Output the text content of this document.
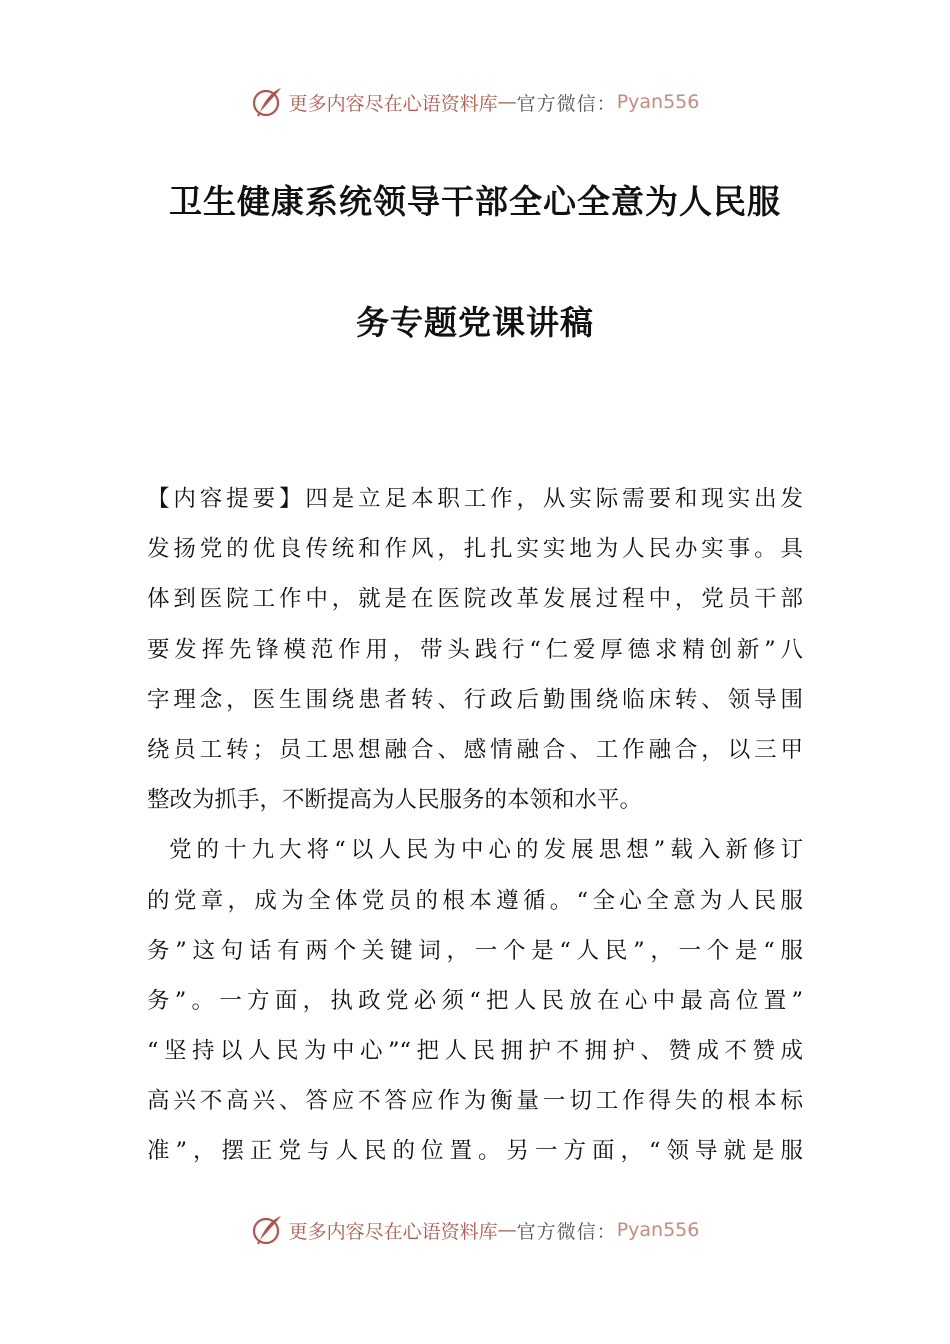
更多内容尽在心语资料库 — 官方微信： Pyan556
卫生健康系统领导干部全心全意为人民服
务专题党课讲稿
【内容提要】四是立足本职工作，从实际需要和现实出发
发扬党的优良传统和作风，扎扎实实地为人民办实事。具
体到医院工作中，就是在医院改革发展过程中，党员干部
要发挥先锋模范作用，带头践行“仁爱厚德求精创新”八
字理念，医生围绕患者转、行政后勤围绕临床转、领导围
绕员工转；员工思想融合、感情融合、工作融合，以三甲
整改为抓手，不断提高为人民服务的本领和水平。
党的十九大将“以人民为中心的发展思想”载入新修订
的党章，成为全体党员的根本遵循。“全心全意为人民服
务”这句话有两个关键词，一个是“人民”，一个是“服
务”。一方面，执政党必须“把人民放在心中最高位置”
“坚持以人民为中心”“把人民拥护不拥护、赞成不赞成
高兴不高兴、答应不答应作为衡量一切工作得失的根本标
准”，摆正党与人民的位置。另一方面，“领导就是服
更多内容尽在心语资料库 — 官方微信： Pyan556
